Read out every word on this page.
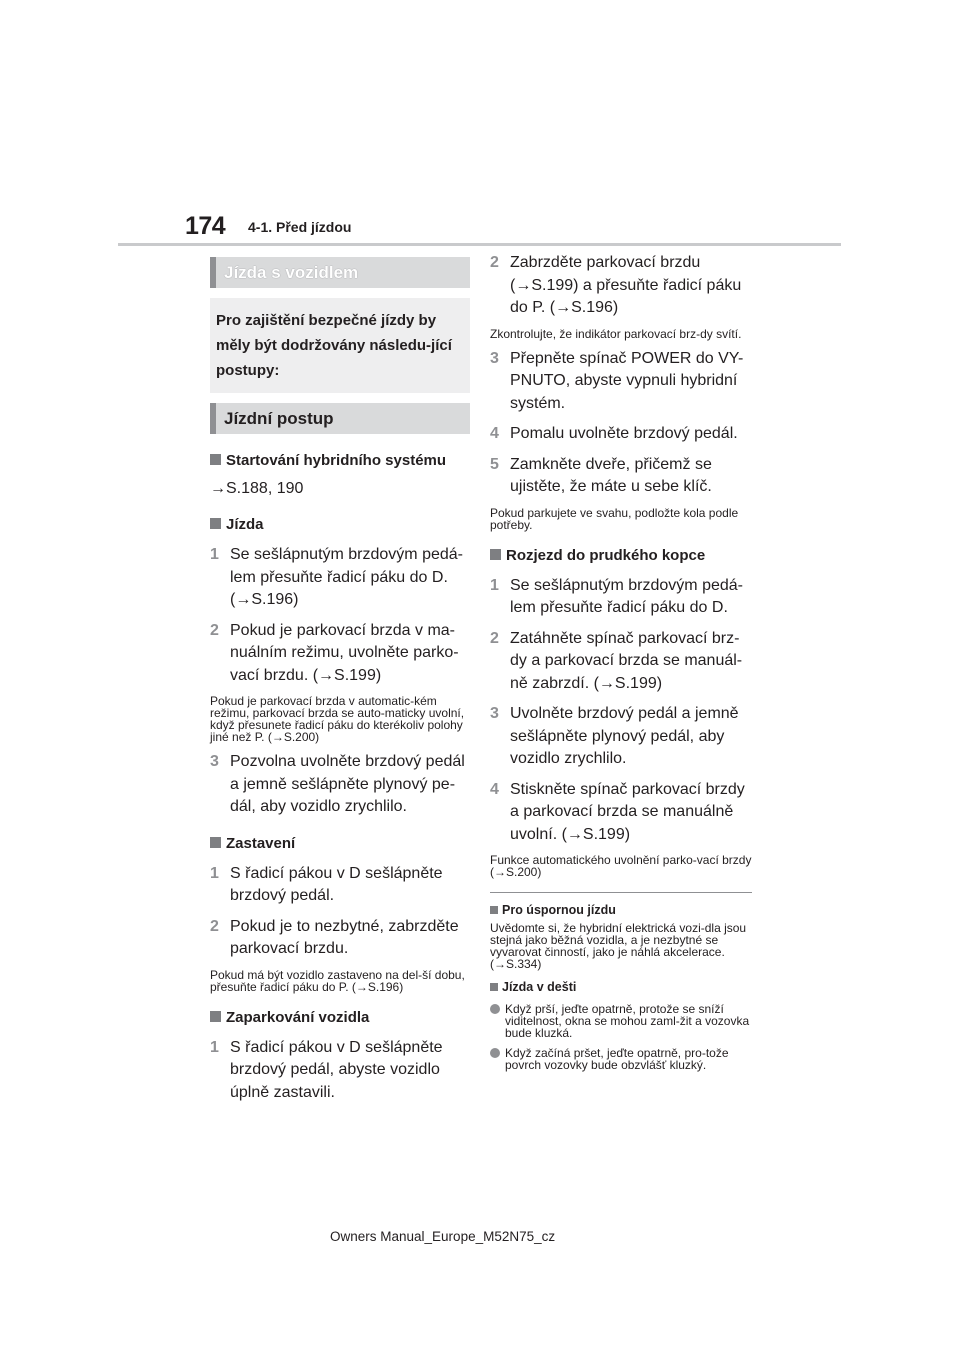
174 4-1. Před jízdou
Jízda s vozidlem
Pro zajištění bezpečné jízdy by měly být dodržovány následu-jící postupy:
Jízdní postup
Startování hybridního systému
→S.188, 190
Jízda
1 Se sešlápnutým brzdovým pedá-lem přesuňte řadicí páku do D. (→S.196)
2 Pokud je parkovací brzda v ma-nuálním režimu, uvolněte parko-vací brzdu. (→S.199)
Pokud je parkovací brzda v automatic-kém režimu, parkovací brzda se auto-maticky uvolní, když přesunete řadicí páku do kterékoliv polohy jiné než P. (→S.200)
3 Pozvolna uvolněte brzdový pedál a jemně sešlápněte plynový pe-dál, aby vozidlo zrychlilo.
Zastavení
1 S řadicí pákou v D sešlápněte brzdový pedál.
2 Pokud je to nezbytné, zabrzděte parkovací brzdu.
Pokud má být vozidlo zastaveno na del-ší dobu, přesuňte řadicí páku do P. (→S.196)
Zaparkování vozidla
1 S řadicí pákou v D sešlápněte brzdový pedál, abyste vozidlo úplně zastavili.
2 Zabrzděte parkovací brzdu (→S.199) a přesuňte řadicí páku do P. (→S.196)
Zkontrolujte, že indikátor parkovací brz-dy svítí.
3 Přepněte spínač POWER do VY-PNUTO, abyste vypnuli hybridní systém.
4 Pomalu uvolněte brzdový pedál.
5 Zamkněte dveře, přičemž se ujistěte, že máte u sebe klíč.
Pokud parkujete ve svahu, podložte kola podle potřeby.
Rozjezd do prudkého kopce
1 Se sešlápnutým brzdovým pedá-lem přesuňte řadicí páku do D.
2 Zatáhněte spínač parkovací brz-dy a parkovací brzda se manuál-ně zabrzdí. (→S.199)
3 Uvolněte brzdový pedál a jemně sešlápněte plynový pedál, aby vozidlo zrychlilo.
4 Stiskněte spínač parkovací brzdy a parkovací brzda se manuálně uvolní. (→S.199)
Funkce automatického uvolnění parko-vací brzdy (→S.200)
Pro úspornou jízdu
Uvědomte si, že hybridní elektrická vozi-dla jsou stejná jako běžná vozidla, a je nezbytné se vyvarovat činností, jako je náhlá akcelerace. (→S.334)
Jízda v dešti
Když prší, jeďte opatrně, protože se sníží viditelnost, okna se mohou zaml-žit a vozovka bude kluzká.
Když začíná pršet, jeďte opatrně, pro-tože povrch vozovky bude obzvlášť kluzký.
Owners Manual_Europe_M52N75_cz
